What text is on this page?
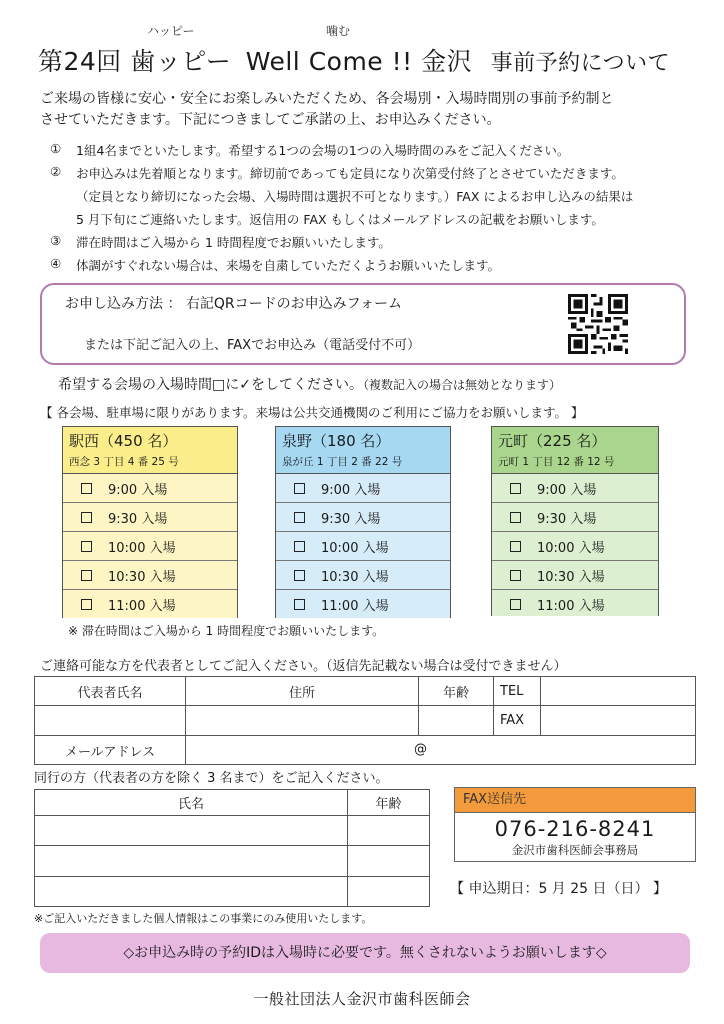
ハッピー	噛む
第24回 歯ッピー Well Come !! 金沢 事前予約について
ご来場の皆様に安心・安全にお楽しみいただくため、各会場別・入場時間別の事前予約制と
させていただきます。下記につきましてご承諾の上、お申込みください。
① 1組4名までといたします。希望する1つの会場の1つの入場時間のみをご記入ください。
② お申込みは先着順となります。締切前であっても定員になり次第受付終了とさせていただきます。
（定員となり締切になった会場、入場時間は選択不可となります。）FAX によるお申し込みの結果は
5 月下旬にご連絡いたします。返信用の FAX もしくはメールアドレスの記載をお願いします。
③ 滞在時間はご入場から 1 時間程度でお願いいたします。
④ 体調がすぐれない場合は、来場を自粛していただくようお願いいたします。
お申し込み方法 ： 右記QRコードのお申込みフォーム
または下記ご記入の上、FAXでお申込み（電話受付不可）
希望する会場の入場時間□に✓をしてください。（複数記入の場合は無効となります）
【 各会場、駐車場に限りがあります。来場は公共交通機関のご利用にご協力をお願いします。 】
駅西（450 名）
西念 3 丁目 4 番 25 号
9:00 入場
9:30 入場
10:00 入場
10:30 入場
11:00 入場
泉野（180 名）
泉が丘 1 丁目 2 番 22 号
9:00 入場
9:30 入場
10:00 入場
10:30 入場
11:00 入場
元町（225 名）
元町 1 丁目 12 番 12 号
9:00 入場
9:30 入場
10:00 入場
10:30 入場
11:00 入場
※ 滞在時間はご入場から 1 時間程度でお願いいたします。
ご連絡可能な方を代表者としてご記入ください。（返信先記載ない場合は受付できません）
代表者氏名	住所	年齢	TEL	
			FAX	
メールアドレス	@			
同行の方（代表者の方を除く 3 名まで）をご記入ください。
氏名	年齢

		FAX送信先
076-216-8241
金沢市歯科医師会事務局
【 申込期日：5 月 25 日（日） 】
※ご記入いただきました個人情報はこの事業にのみ使用いたします。
◇お申込み時の予約IDは入場時に必要です。無くされないようお願いします◇
一般社団法人金沢市歯科医師会
